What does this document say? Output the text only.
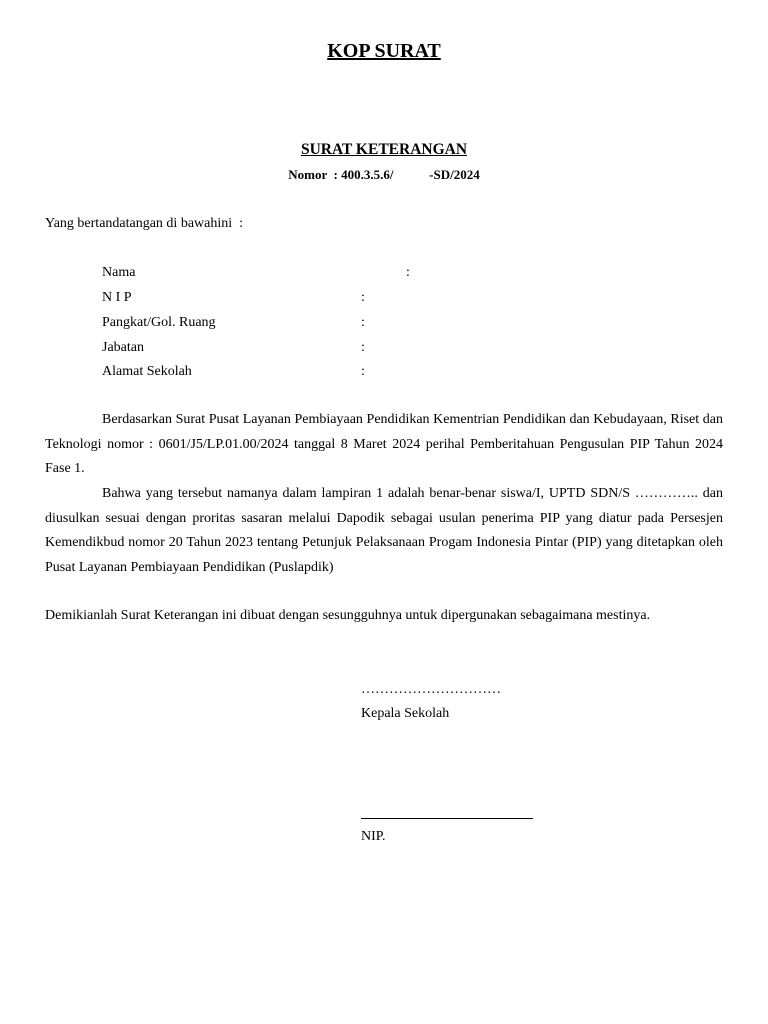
KOP SURAT
SURAT KETERANGAN
Nomor  : 400.3.5.6/           -SD/2024
Yang bertandatangan di bawahini  :
Nama	:
N I P	:
Pangkat/Gol. Ruang	:
Jabatan	:
Alamat Sekolah	:

Berdasarkan Surat Pusat Layanan Pembiayaan Pendidikan Kementrian Pendidikan dan Kebudayaan, Riset dan Teknologi nomor : 0601/J5/LP.01.00/2024 tanggal 8 Maret 2024 perihal Pemberitahuan Pengusulan PIP Tahun 2024 Fase 1.

Bahwa yang tersebut namanya dalam lampiran 1 adalah benar-benar siswa/I, UPTD SDN/S ………….. dan diusulkan sesuai dengan proritas sasaran melalui Dapodik sebagai usulan penerima PIP yang diatur pada Persesjen Kemendikbud nomor 20 Tahun 2023 tentang Petunjuk Pelaksanaan Progam Indonesia Pintar (PIP) yang ditetapkan oleh Pusat Layanan Pembiayaan Pendidikan (Puslapdik)

Demikianlah Surat Keterangan ini dibuat dengan sesungguhnya untuk dipergunakan sebagaimana mestinya.

…………………………
Kepala Sekolah
NIP.
